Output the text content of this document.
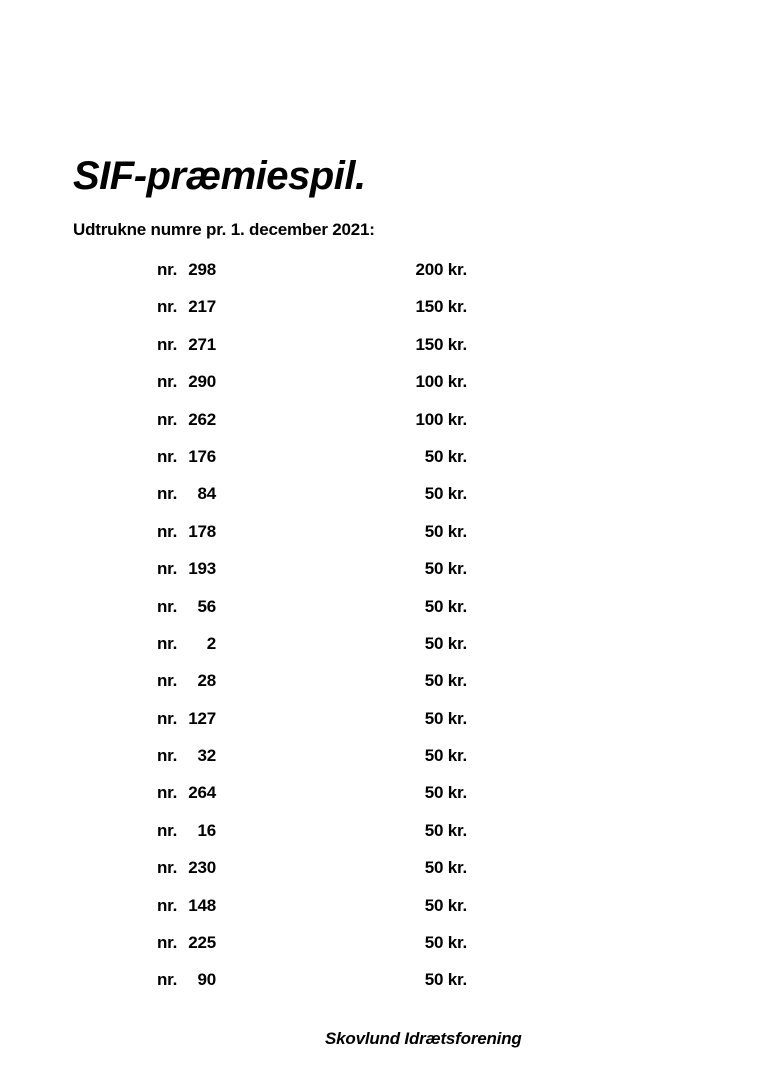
SIF-præmiespil.

Udtrukne numre pr. 1. december 2021:

nr. 298	200 kr.
nr. 217	150 kr.
nr. 271	150 kr.
nr. 290	100 kr.
nr. 262	100 kr.
nr. 176	50 kr.
nr. 84	50 kr.
nr. 178	50 kr.
nr. 193	50 kr.
nr. 56	50 kr.
nr. 2	50 kr.
nr. 28	50 kr.
nr. 127	50 kr.
nr. 32	50 kr.
nr. 264	50 kr.
nr. 16	50 kr.
nr. 230	50 kr.
nr. 148	50 kr.
nr. 225	50 kr.
nr. 90	50 kr.

Skovlund Idrætsforening
